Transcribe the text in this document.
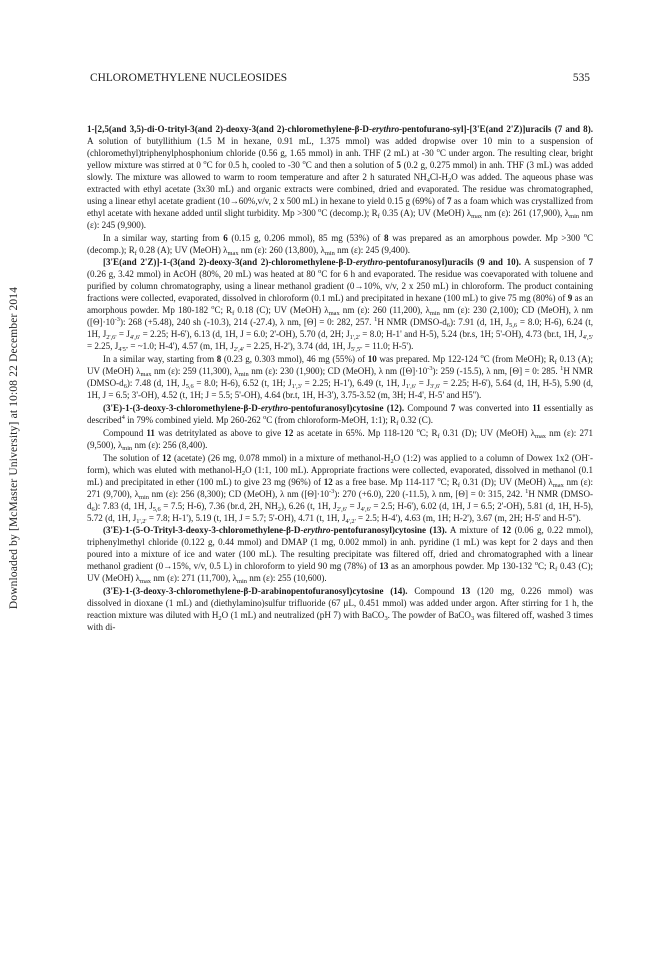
Downloaded by [McMaster University] at 10:08 22 December 2014
CHLOROMETHYLENE NUCLEOSIDES	535

1-[2,5(and 3,5)-di-O-trityl-3(and 2)-deoxy-3(and 2)-chloromethylene-β-D-erythro-pentofurano-syl]-[3'E(and 2'Z)]uracils (7 and 8). A solution of butyllithium (1.5 M in hexane, 0.91 mL, 1.375 mmol) was added dropwise over 10 min to a suspension of (chloromethyl)triphenylphosphonium chloride (0.56 g, 1.65 mmol) in anh. THF (2 mL) at -30 $^o$C under argon. The resulting clear, bright yellow mixture was stirred at 0 $^o$C for 0.5 h, cooled to -30 $^o$C and then a solution of 5 (0.2 g, 0.275 mmol) in anh. THF (3 mL) was added slowly. The mixture was allowed to warm to room temperature and after 2 h saturated $NH_4Cl-H_2O$ was added. The aqueous phase was extracted with ethyl acetate (3x30 mL) and organic extracts were combined, dried and evaporated. The residue was chromatographed, using a linear ethyl acetate gradient (10→60%,v/v, 2 x 500 mL) in hexane to yield 0.15 g (69%) of 7 as a foam which was crystallized from ethyl acetate with hexane added until slight turbidity. Mp >300 $^o$C (decomp.); $R_f$ 0.35 (A); UV (MeOH) $\lambda_{max}$ nm (ε): 261 (17,900), $\lambda_{min}$ nm (ε): 245 (9,900).

In a similar way, starting from 6 (0.15 g, 0.206 mmol), 85 mg (53%) of 8 was prepared as an amorphous powder. Mp >300 $^o$C (decomp.); $R_f$ 0.28 (A); UV (MeOH) $\lambda_{max}$ nm (ε): 260 (13,800), $\lambda_{min}$ nm (ε): 245 (9,400).

[3'E(and 2'Z)]-1-(3(and 2)-deoxy-3(and 2)-chloromethylene-β-D-erythro-pentofuranosyl)uracils (9 and 10). A suspension of 7 (0.26 g, 3.42 mmol) in AcOH (80%, 20 mL) was heated at 80 $^o$C for 6 h and evaporated. The residue was coevaporated with toluene and purified by column chromatography, using a linear methanol gradient (0→10%, v/v, 2 x 250 mL) in chloroform. The product containing fractions were collected, evaporated, dissolved in chloroform (0.1 mL) and precipitated in hexane (100 mL) to give 75 mg (80%) of 9 as an amorphous powder. Mp 180-182 $^o$C; $R_f$ 0.18 (C); UV (MeOH) $\lambda_{max}$ nm (ε): 260 (11,200), $\lambda_{min}$ nm (ε): 230 (2,100); CD (MeOH), λ nm $([\Theta]\cdot 10^{-3})$: 268 (+5.48), 240 sh (-10.3), 214 (-27.4), λ nm, [Θ] = 0: 282, 257. $^1$H NMR $(DMSO-d_6)$: 7.91 (d, 1H, $J_{5,6} = 8.0$; H-6), 6.24 (t, 1H, $J_{2',6'} = J_{4',6'} = 2.25$; H-6'), 6.13 (d, 1H, J = 6.0; 2'-OH), 5.70 (d, 2H; $J_{1',2'} = 8.0$; H-1' and H-5), 5.24 (br.s, 1H; 5'-OH), 4.73 (br.t, 1H, $J_{4',5'} = 2.25$, $J_{4'5''}$ = ~1.0; H-4'), 4.57 (m, 1H, $J_{2',4'} = 2.25$, H-2'), 3.74 (dd, 1H, $J_{5',5''} = 11.0$; H-5').

In a similar way, starting from 8 (0.23 g, 0.303 mmol), 46 mg (55%) of 10 was prepared. Mp 122-124 $^o$C (from MeOH); $R_f$ 0.13 (A); UV (MeOH) $\lambda_{max}$ nm (ε): 259 (11,300), $\lambda_{min}$ nm (ε): 230 (1,900); CD (MeOH), λ nm $([\Theta]\cdot 10^{-3})$: 259 (-15.5), λ nm, [Θ] = 0: 285. $^1$H NMR $(DMSO-d_6)$: 7.48 (d, 1H, $J_{5,6} = 8.0$; H-6), 6.52 (t, 1H; $J_{1',3'} = 2.25$; H-1'), 6.49 (t, 1H, $J_{1',6'} = J_{3',6'} = 2.25$; H-6'), 5.64 (d, 1H, H-5), 5.90 (d, 1H, J = 6.5; 3'-OH), 4.52 (t, 1H; J = 5.5; 5'-OH), 4.64 (br.t, 1H, H-3'), 3.75-3.52 (m, 3H; H-4', H-5' and H5'').

(3'E)-1-(3-deoxy-3-chloromethylene-β-D-erythro-pentofuranosyl)cytosine (12). Compound 7 was converted into 11 essentially as described$^4$ in 79% combined yield. Mp 260-262 $^o$C (from chloroform-MeOH, 1:1); $R_f$ 0.32 (C).

Compound 11 was detritylated as above to give 12 as acetate in 65%. Mp 118-120 $^o$C; $R_f$ 0.31 (D); UV (MeOH) $\lambda_{max}$ nm (ε): 271 (9,500), $\lambda_{min}$ nm (ε): 256 (8,400).

The solution of 12 (acetate) (26 mg, 0.078 mmol) in a mixture of methanol-$H_2O$ (1:2) was applied to a column of Dowex 1x2 (OH--form), which was eluted with methanol-$H_2O$ (1:1, 100 mL). Appropriate fractions were collected, evaporated, dissolved in methanol (0.1 mL) and precipitated in ether (100 mL) to give 23 mg (96%) of 12 as a free base. Mp 114-117 $^o$C; $R_f$ 0.31 (D); UV (MeOH) $\lambda_{max}$ nm (ε): 271 (9,700), $\lambda_{min}$ nm (ε): 256 (8,300); CD (MeOH), λ nm $([\Theta]\cdot 10^{-3})$: 270 (+6.0), 220 (-11.5), λ nm, [Θ] = 0: 315, 242. $^1$H NMR $(DMSO-d_6)$: 7.83 (d, 1H, $J_{5,6} = 7.5$; H-6), 7.36 (br.d, 2H, $NH_2$), 6.26 (t, 1H, $J_{2',6'} = J_{4',6'} = 2.5$; H-6'), 6.02 (d, 1H, J = 6.5; 2'-OH), 5.81 (d, 1H, H-5), 5.72 (d, 1H, $J_{1',2'} = 7.8$; H-1'), 5.19 (t, 1H, J = 5.7; 5'-OH), 4.71 (t, 1H, $J_{4',2'} = 2.5$; H-4'), 4.63 (m, 1H; H-2'), 3.67 (m, 2H; H-5' and H-5'').

(3'E)-1-(5-O-Trityl-3-deoxy-3-chloromethylene-β-D-erythro-pentofuranosyl)cytosine (13). A mixture of 12 (0.06 g, 0.22 mmol), triphenylmethyl chloride (0.122 g, 0.44 mmol) and DMAP (1 mg, 0.002 mmol) in anh. pyridine (1 mL) was kept for 2 days and then poured into a mixture of ice and water (100 mL). The resulting precipitate was filtered off, dried and chromatographed with a linear methanol gradient (0→15%, v/v, 0.5 L) in chloroform to yield 90 mg (78%) of 13 as an amorphous powder. Mp 130-132 $^o$C; $R_f$ 0.43 (C); UV (MeOH) $\lambda_{max}$ nm (ε): 271 (11,700), $\lambda_{min}$ nm (ε): 255 (10,600).

(3'E)-1-(3-deoxy-3-chloromethylene-β-D-arabinopentofuranosyl)cytosine (14). Compound 13 (120 mg, 0.226 mmol) was dissolved in dioxane (1 mL) and (diethylamino)sulfur trifluoride (67 μL, 0.451 mmol) was added under argon. After stirring for 1 h, the reaction mixture was diluted with $H_2O$ (1 mL) and neutralized (pH 7) with BaCO$_3$. The powder of BaCO$_3$ was filtered off, washed 3 times with di-
